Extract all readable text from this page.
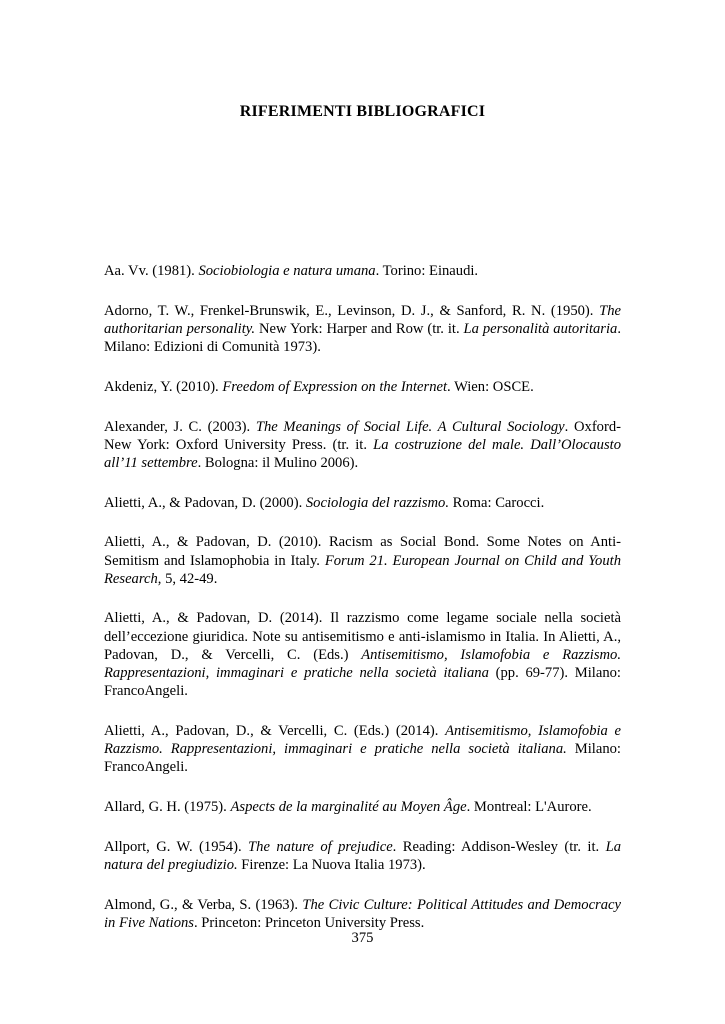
RIFERIMENTI BIBLIOGRAFICI

Aa. Vv. (1981). Sociobiologia e natura umana. Torino: Einaudi.

Adorno, T. W., Frenkel-Brunswik, E., Levinson, D. J., & Sanford, R. N. (1950). The authoritarian personality. New York: Harper and Row (tr. it. La personalità autoritaria. Milano: Edizioni di Comunità 1973).

Akdeniz, Y. (2010). Freedom of Expression on the Internet. Wien: OSCE.

Alexander, J. C. (2003). The Meanings of Social Life. A Cultural Sociology. Oxford-New York: Oxford University Press. (tr. it. La costruzione del male. Dall’Olocausto all’11 settembre. Bologna: il Mulino 2006).

Alietti, A., & Padovan, D. (2000). Sociologia del razzismo. Roma: Carocci.

Alietti, A., & Padovan, D. (2010). Racism as Social Bond. Some Notes on Anti-Semitism and Islamophobia in Italy. Forum 21. European Journal on Child and Youth Research, 5, 42-49.

Alietti, A., & Padovan, D. (2014). Il razzismo come legame sociale nella società dell’eccezione giuridica. Note su antisemitismo e anti-islamismo in Italia. In Alietti, A., Padovan, D., & Vercelli, C. (Eds.) Antisemitismo, Islamofobia e Razzismo. Rappresentazioni, immaginari e pratiche nella società italiana (pp. 69-77). Milano: FrancoAngeli.

Alietti, A., Padovan, D., & Vercelli, C. (Eds.) (2014). Antisemitismo, Islamofobia e Razzismo. Rappresentazioni, immaginari e pratiche nella società italiana. Milano: FrancoAngeli.

Allard, G. H. (1975). Aspects de la marginalité au Moyen Âge. Montreal: L'Aurore.

Allport, G. W. (1954). The nature of prejudice. Reading: Addison-Wesley (tr. it. La natura del pregiudizio. Firenze: La Nuova Italia 1973).

Almond, G., & Verba, S. (1963). The Civic Culture: Political Attitudes and Democracy in Five Nations. Princeton: Princeton University Press.

375
